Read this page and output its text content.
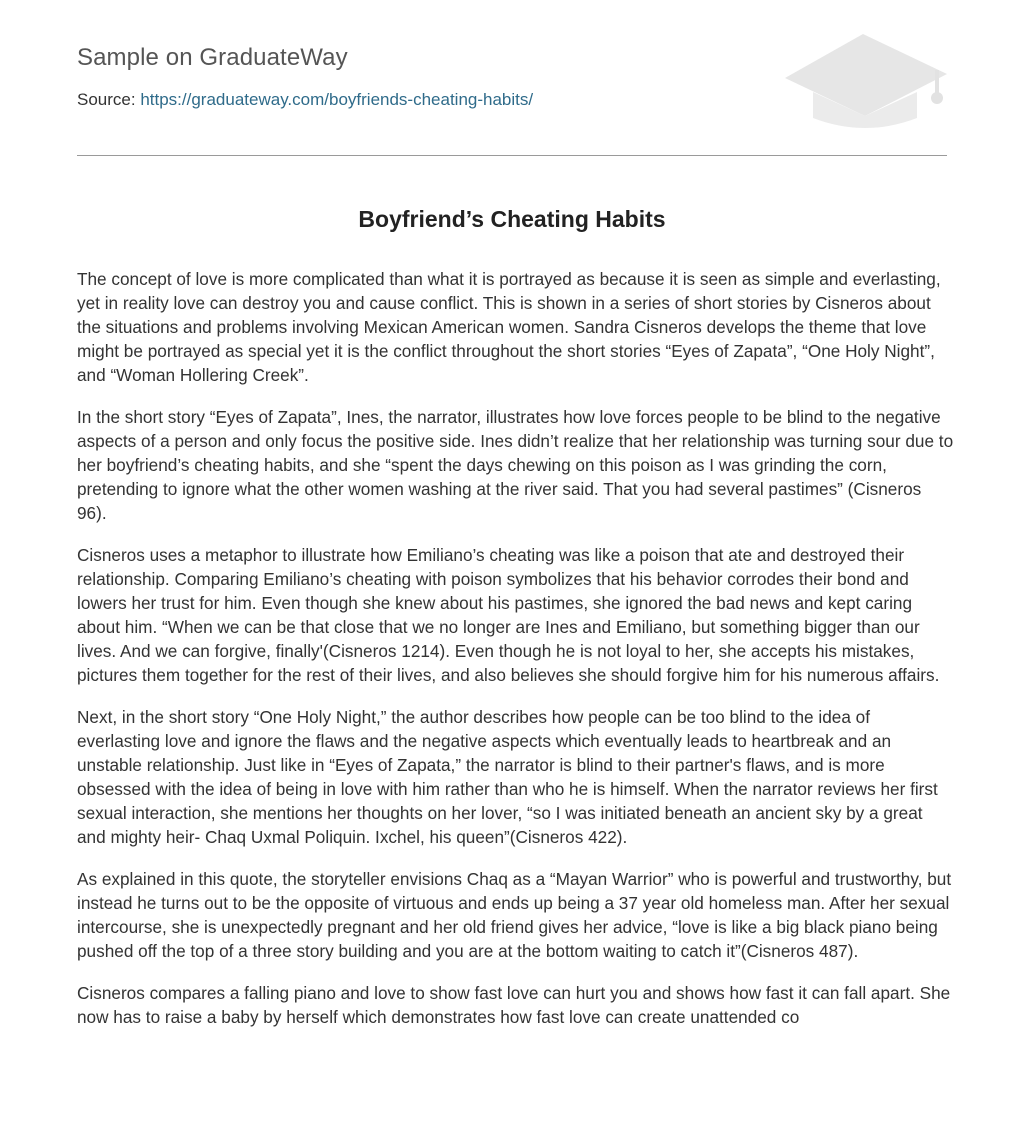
Sample on GraduateWay
Source: https://graduateway.com/boyfriends-cheating-habits/
Boyfriend’s Cheating Habits

The concept of love is more complicated than what it is portrayed as because it is seen as simple and everlasting, yet in reality love can destroy you and cause conflict. This is shown in a series of short stories by Cisneros about the situations and problems involving Mexican American women. Sandra Cisneros develops the theme that love might be portrayed as special yet it is the conflict throughout the short stories “Eyes of Zapata”, “One Holy Night”, and “Woman Hollering Creek”.

In the short story “Eyes of Zapata”, Ines, the narrator, illustrates how love forces people to be blind to the negative aspects of a person and only focus the positive side. Ines didn’t realize that her relationship was turning sour due to her boyfriend’s cheating habits, and she “spent the days chewing on this poison as I was grinding the corn, pretending to ignore what the other women washing at the river said. That you had several pastimes” (Cisneros 96).

Cisneros uses a metaphor to illustrate how Emiliano’s cheating was like a poison that ate and destroyed their relationship. Comparing Emiliano’s cheating with poison symbolizes that his behavior corrodes their bond and lowers her trust for him. Even though she knew about his pastimes, she ignored the bad news and kept caring about him. “When we can be that close that we no longer are Ines and Emiliano, but something bigger than our lives. And we can forgive, finally'(Cisneros 1214). Even though he is not loyal to her, she accepts his mistakes, pictures them together for the rest of their lives, and also believes she should forgive him for his numerous affairs.

Next, in the short story “One Holy Night,” the author describes how people can be too blind to the idea of everlasting love and ignore the flaws and the negative aspects which eventually leads to heartbreak and an unstable relationship. Just like in “Eyes of Zapata,” the narrator is blind to their partner's flaws, and is more obsessed with the idea of being in love with him rather than who he is himself. When the narrator reviews her first sexual interaction, she mentions her thoughts on her lover, “so I was initiated beneath an ancient sky by a great and mighty heir- Chaq Uxmal Poliquin. Ixchel, his queen”(Cisneros 422).

As explained in this quote, the storyteller envisions Chaq as a “Mayan Warrior” who is powerful and trustworthy, but instead he turns out to be the opposite of virtuous and ends up being a 37 year old homeless man. After her sexual intercourse, she is unexpectedly pregnant and her old friend gives her advice, “love is like a big black piano being pushed off the top of a three story building and you are at the bottom waiting to catch it”(Cisneros 487).

Cisneros compares a falling piano and love to show fast love can hurt you and shows how fast it can fall apart. She now has to raise a baby by herself which demonstrates how fast love can create unattended co
